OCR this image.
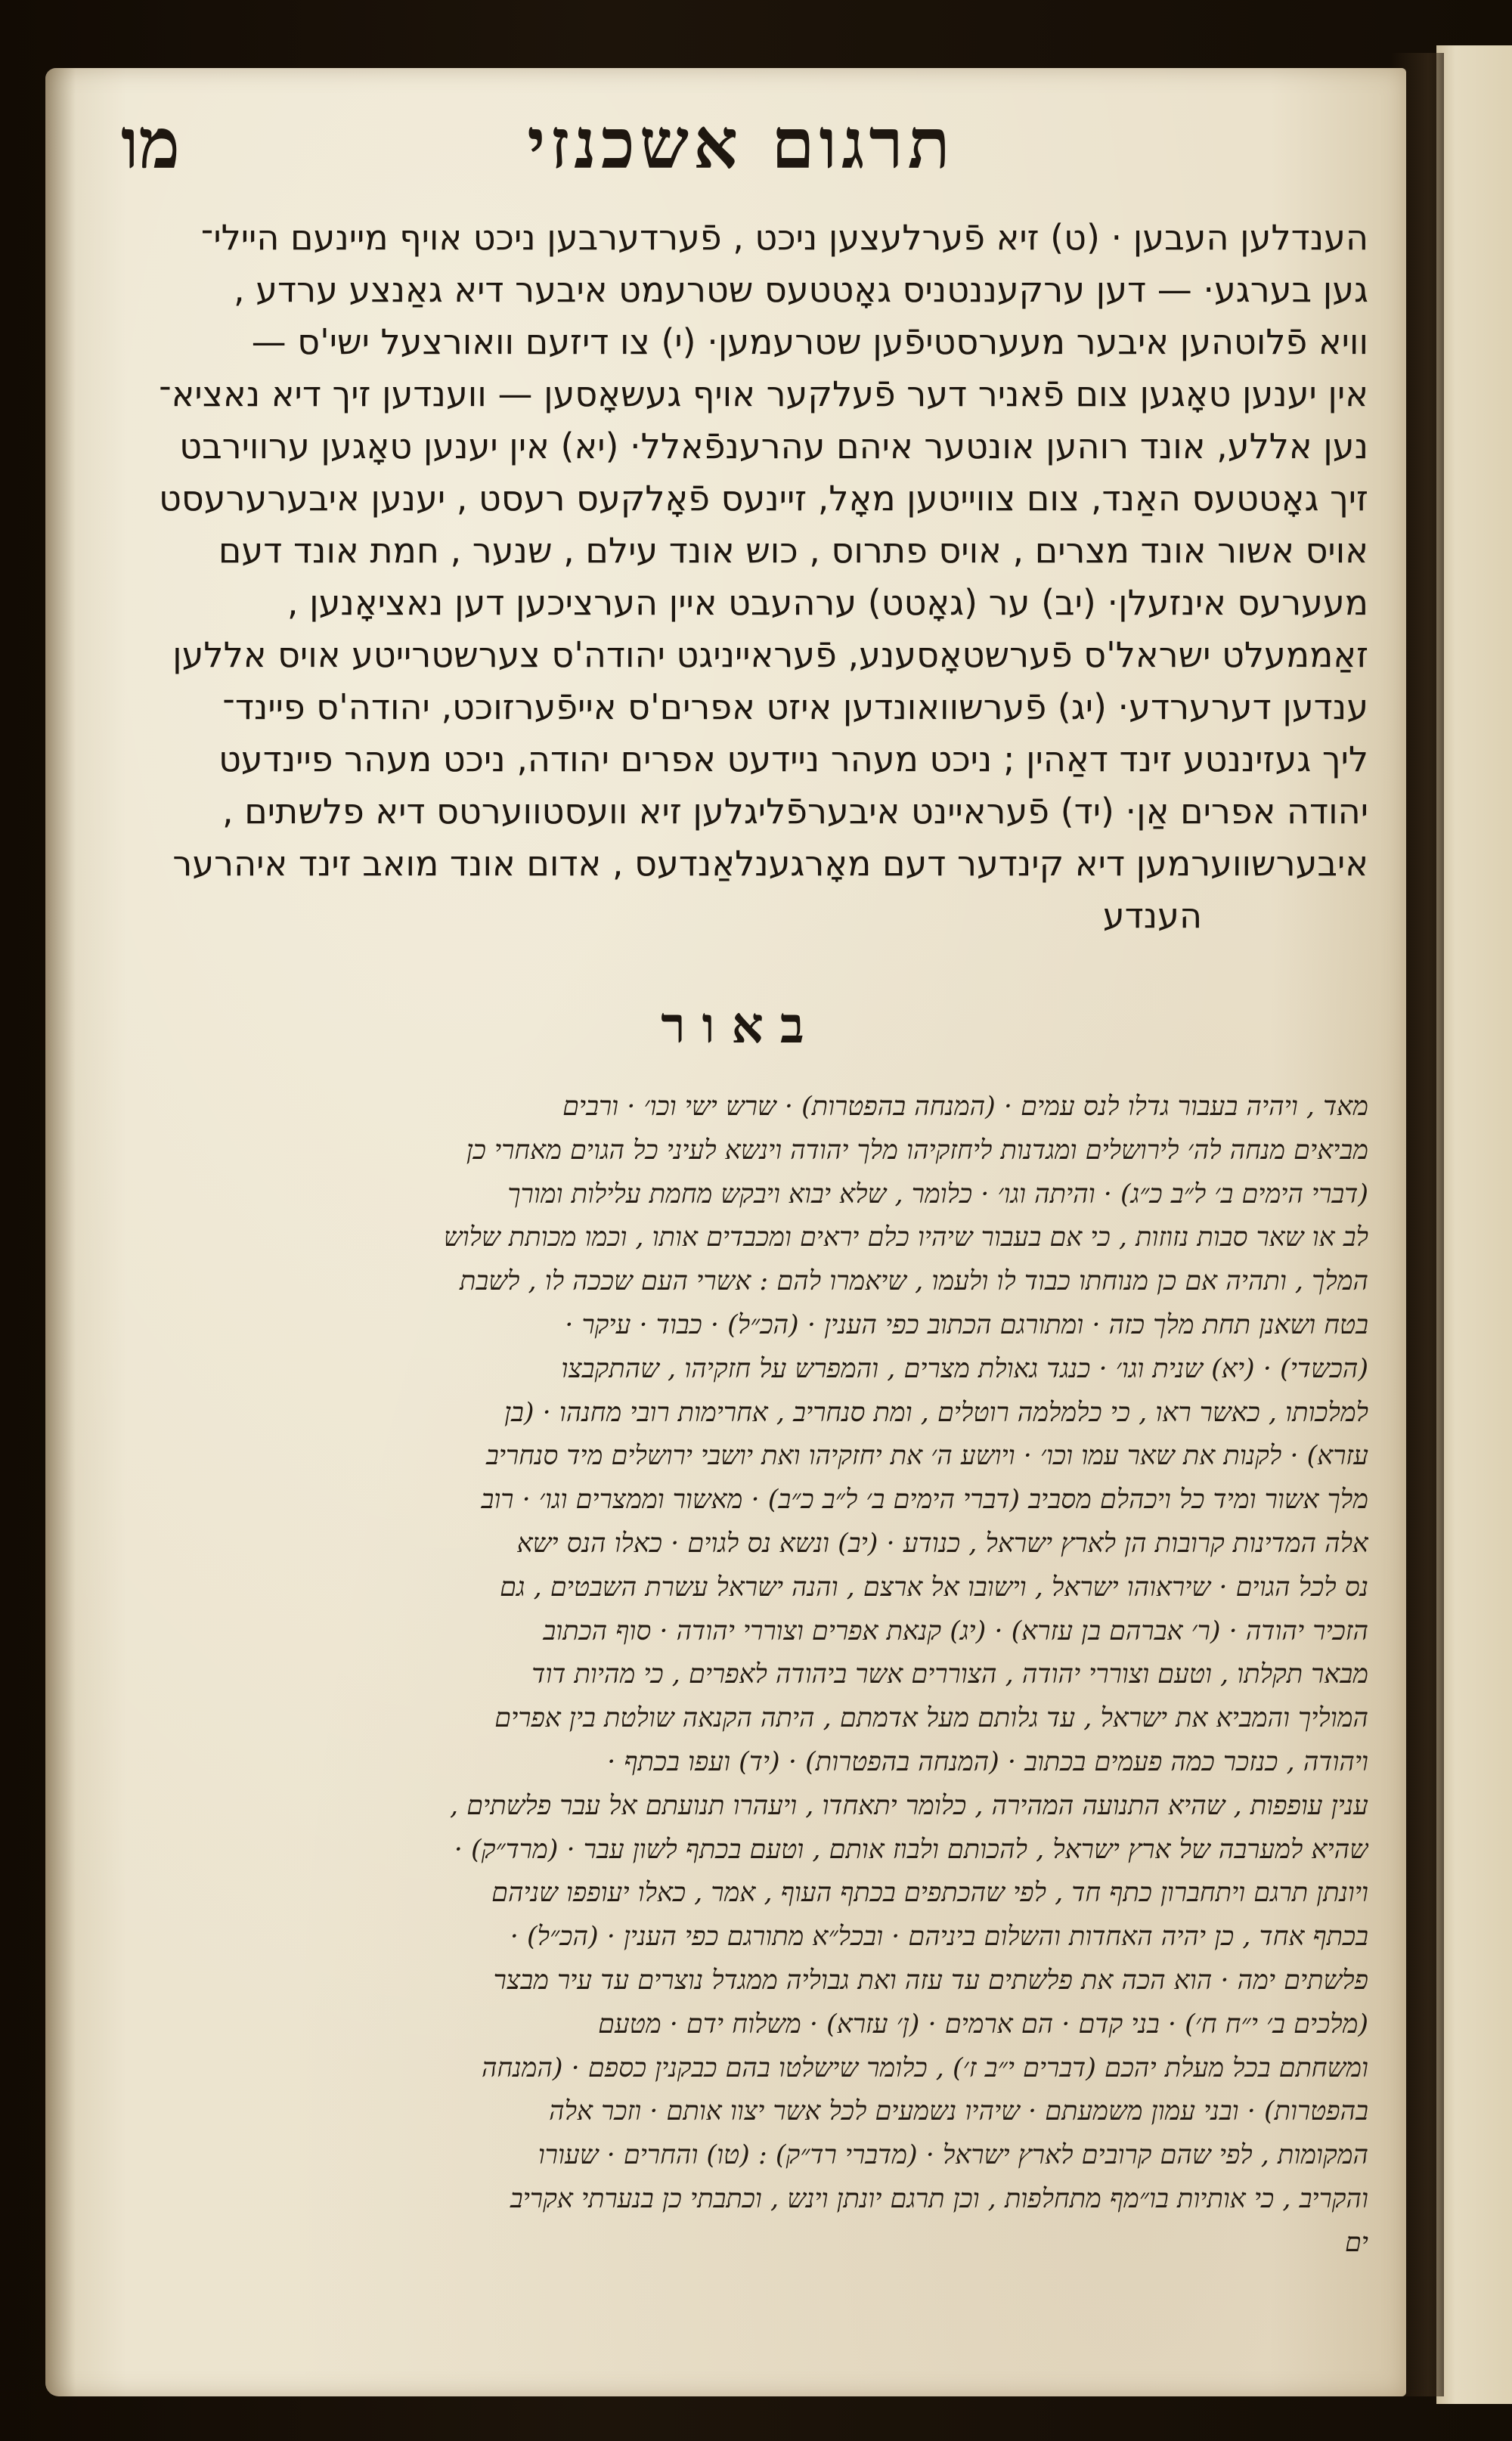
תרגום אשכנזי
מו
הענדלען העבען · (ט) זיא פֿערלעצען ניכט , פֿערדערבען ניכט אויף מיינעם היילי־
גען בערגע· — דען ערקעננטניס גאָטטעס שטרעמט איבער דיא גאַנצע ערדע ,
וויא פֿלוטהען איבער מעערסטיפֿען שטרעמען· (י) צו דיזעם וואורצעל ישי'ס —
אין יענען טאָגען צום פֿאניר דער פֿעלקער אויף געשאָסען — ווענדען זיך דיא נאציא־
נען אללע, אונד רוהען אונטער איהם עהרענפֿאלל· (יא) אין יענען טאָגען ערווירבט
זיך גאָטטעס האַנד, צום צווייטען מאָל, זיינעס פֿאָלקעס רעסט , יענען איבערערעסט
אויס אשור אונד מצרים , אויס פתרוס , כוש אונד עילם , שנער , חמת אונד דעם
מעערעס אינזעלן· (יב) ער (גאָטט) ערהעבט איין הערציכען דען נאציאָנען ,
זאַממעלט ישראל'ס פֿערשטאָסענע, פֿעראייניגט יהודה'ס צערשטרייטע אויס אללען
ענדען דערערדע· (יג) פֿערשוואונדען איזט אפרים'ס אייפֿערזוכט, יהודה'ס פיינד־
ליך געזיננטע זינד דאַהין ; ניכט מעהר ניידעט אפרים יהודה, ניכט מעהר פיינדעט
יהודה אפרים אַן· (יד) פֿעראיינט איבערפֿליגלען זיא וועסטווערטס דיא פלשתים ,
איבערשווערמען דיא קינדער דעם מאָרגענלאַנדעס , אדום אונד מואב זינד איהרער
הענדע
באור
מאד , ויהיה בעבור גדלו לנס עמים · (המנחה בהפטרות) · שרש ישי וכו׳ · ורבים
מביאים מנחה לה׳ לירושלים ומגדנות ליחזקיהו מלך יהודה וינשא לעיני כל הגוים מאחרי כן
(דברי הימים ב׳ ל״ב כ״ג) · והיתה וגו׳ · כלומר , שלא יבוא ויבקש מחמת עלילות ומורך
לב או שאר סבות נזוזות , כי אם בעבור שיהיו כלם יראים ומכבדים אותו , וכמו מכותת שלוש
המלך , ותהיה אם כן מנוחתו כבוד לו ולעמו , שיאמרו להם : אשרי העם שככה לו , לשבת
בטח ושאנן תחת מלך כזה · ומתורגם הכתוב כפי הענין · (הכ״ל) · כבוד · עיקר ·
(הכשדי) · (יא) שנית וגו׳ · כנגד גאולת מצרים , והמפרש על חזקיהו , שהתקבצו
למלכותו , כאשר ראו , כי כלמלמה רוטלים , ומת סנחריב , אחרימות רובי מחנהו · (בן
עזרא) · לקנות את שאר עמו וכו׳ · ויושע ה׳ את יחזקיהו ואת יושבי ירושלים מיד סנחריב
מלך אשור ומיד כל ויכהלם מסביב (דברי הימים ב׳ ל״ב כ״ב) · מאשור וממצרים וגו׳ · רוב
אלה המדינות קרובות הן לארץ ישראל , כנודע · (יב) ונשא נס לגוים · כאלו הנס ישא
נס לכל הגוים · שיראוהו ישראל , וישובו אל ארצם , והנה ישראל עשרת השבטים , גם
הזכיר יהודה · (ר׳ אברהם בן עזרא) · (יג) קנאת אפרים וצוררי יהודה · סוף הכתוב
מבאר תקלתו , וטעם וצוררי יהודה , הצוררים אשר ביהודה לאפרים , כי מהיות דוד
המוליך והמביא את ישראל , עד גלותם מעל אדמתם , היתה הקנאה שולטת בין אפרים
ויהודה , כנזכר כמה פעמים בכתוב · (המנחה בהפטרות) · (יד) ועפו בכתף ·
ענין עופפות , שהיא התנועה המהירה , כלומר יתאחדו , ויעהרו תנועתם אל עבר פלשתים ,
שהיא למערבה של ארץ ישראל , להכותם ולבוז אותם , וטעם בכתף לשון עבר · (מרד״ק) ·
ויונתן תרגם ויתחברון כתף חד , לפי שהכתפים בכתף העוף , אמר , כאלו יעופפו שניהם
בכתף אחד , כן יהיה האחדות והשלום ביניהם · ובכל״א מתורגם כפי הענין · (הכ״ל) ·
פלשתים ימה · הוא הכה את פלשתים עד עזה ואת גבוליה ממגדל נוצרים עד עיר מבצר
(מלכים ב׳ י״ח ח׳) · בני קדם · הם ארמים · (ן׳ עזרא) · משלוח ידם · מטעם
ומשחתם בכל מעלת יהכם (דברים י״ב ז׳) , כלומר שישלטו בהם כבקנין כספם · (המנחה
בהפטרות) · ובני עמון משמעתם · שיהיו נשמעים לכל אשר יצוו אותם · וזכר אלה
המקומות , לפי שהם קרובים לארץ ישראל · (מדברי רד״ק) : (טו) והחרים · שעורו
והקריב , כי אותיות בו״מף מתחלפות , וכן תרגם יונתן וינש , וכתבתי כן בנערתי אקריב
ים
